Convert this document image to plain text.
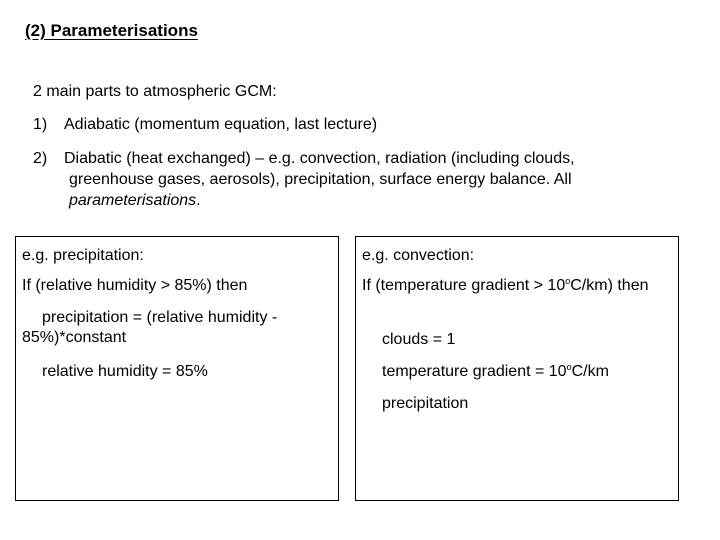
(2) Parameterisations
2 main parts to atmospheric GCM:
1) Adiabatic (momentum equation, last lecture)
2) Diabatic (heat exchanged) – e.g. convection, radiation (including clouds,
greenhouse gases, aerosols), precipitation, surface energy balance. All
parameterisations.

e.g. precipitation:

If (relative humidity > 85%) then

precipitation = (relative humidity - 85%)*constant

relative humidity = 85%

If (temperature gradient > $10^oC/km$) then

e.g. convection:

clouds = 1

temperature gradient = $10^oC/km$

precipitation
